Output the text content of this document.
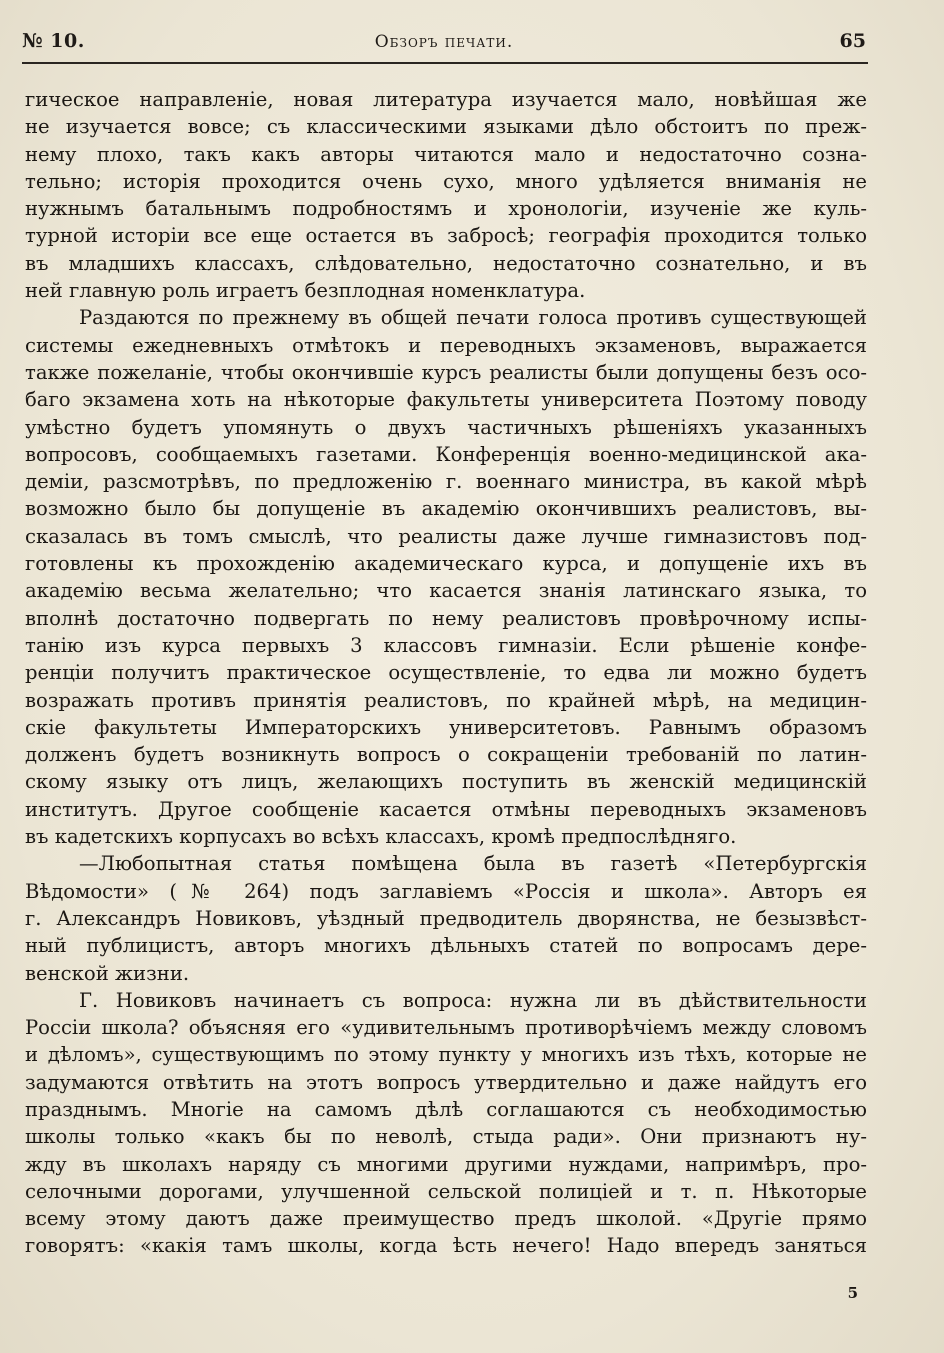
№ 10.	Обзоръ печати.	65
гическое направленіе, новая литература изучается мало, новѣйшая же
не изучается вовсе; съ классическими языками дѣло обстоитъ по преж-
нему плохо, такъ какъ авторы читаются мало и недостаточно созна-
тельно; исторія проходится очень сухо, много удѣляется вниманія не
нужнымъ батальнымъ подробностямъ и хронологіи, изученіе же куль-
турной исторіи все еще остается въ забросѣ; географія проходится только
въ младшихъ классахъ, слѣдовательно, недостаточно сознательно, и въ
ней главную роль играетъ безплодная номенклатура.
Раздаются по прежнему въ общей печати голоса противъ существующей
системы ежедневныхъ отмѣтокъ и переводныхъ экзаменовъ, выражается
также пожеланіе, чтобы окончившіе курсъ реалисты были допущены безъ осо-
баго экзамена хоть на нѣкоторые факультеты университета Поэтому поводу
умѣстно будетъ упомянуть о двухъ частичныхъ рѣшеніяхъ указанныхъ
вопросовъ, сообщаемыхъ газетами. Конференція военно-медицинской ака-
деміи, разсмотрѣвъ, по предложенію г. военнаго министра, въ какой мѣрѣ
возможно было бы допущеніе въ академію окончившихъ реалистовъ, вы-
сказалась въ томъ смыслѣ, что реалисты даже лучше гимназистовъ под-
готовлены къ прохожденію академическаго курса, и допущеніе ихъ въ
академію весьма желательно; что касается знанія латинскаго языка, то
вполнѣ достаточно подвергать по нему реалистовъ провѣрочному испы-
танію изъ курса первыхъ 3 классовъ гимназіи. Если рѣшеніе конфе-
ренціи получитъ практическое осуществленіе, то едва ли можно будетъ
возражать противъ принятія реалистовъ, по крайней мѣрѣ, на медицин-
скіе факультеты Императорскихъ университетовъ. Равнымъ образомъ
долженъ будетъ возникнуть вопросъ о сокращеніи требованій по латин-
скому языку отъ лицъ, желающихъ поступить въ женскій медицинскій
институтъ. Другое сообщеніе касается отмѣны переводныхъ экзаменовъ
въ кадетскихъ корпусахъ во всѣхъ классахъ, кромѣ предпослѣдняго.
—Любопытная статья помѣщена была въ газетѣ «Петербургскія
Вѣдомости» (№ 264) подъ заглавіемъ «Россія и школа». Авторъ ея
г. Александръ Новиковъ, уѣздный предводитель дворянства, не безызвѣст-
ный публицистъ, авторъ многихъ дѣльныхъ статей по вопросамъ дере-
венской жизни.
Г. Новиковъ начинаетъ съ вопроса: нужна ли въ дѣйствительности
Россіи школа? объясняя его «удивительнымъ противорѣчіемъ между словомъ
и дѣломъ», существующимъ по этому пункту у многихъ изъ тѣхъ, которые не
задумаются отвѣтить на этотъ вопросъ утвердительно и даже найдутъ его
празднымъ. Многіе на самомъ дѣлѣ соглашаются съ необходимостью
школы только «какъ бы по неволѣ, стыда ради». Они признаютъ ну-
жду въ школахъ наряду съ многими другими нуждами, напримѣръ, про-
селочными дорогами, улучшенной сельской полиціей и т. п. Нѣкоторые
всему этому даютъ даже преимущество предъ школой. «Другіе прямо
говорятъ: «какія тамъ школы, когда ѣсть нечего! Надо впередъ заняться
5
